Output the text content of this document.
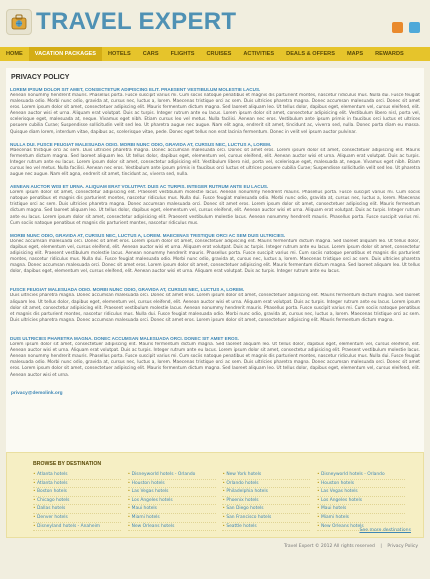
TRAVEL EXPERT
HOME	VACATION PACKAGES	HOTELS	CARS	FLIGHTS	CRUISES	ACTIVITIES	DEALS & OFFERS	MAPS	REWARDS
PRIVACY POLICY
LOREM IPSUM DOLOR SIT AMET, CONSECTETUR ADIPISCING ELIT. PRAESENT VESTIBULUM MOLESTIE LACUS.

Aenean nonummy hendrerit mauris. Phasellus porta. Fusce suscipit varius mi. Cum sociis natoque penatibus et magnis dis parturient montes, nascetur ridiculus mus. Nulla dui. Fusce feugiat malesuada odio. Morbi nunc odio, gravida at, cursus nec, luctus a, lorem. Maecenas tristique orci ac sem. Duis ultricies pharetra magna. Donec accumsan malesuada orci. Donec sit amet eros. Lorem ipsum dolor sit amet, consectetuer adipiscing elit. Mauris fermentum dictum magna. Sed laoreet aliquam leo. Ut tellus dolor, dapibus eget, elementum vel, cursus eleifend, elit. Aenean auctor wisi et urna. Aliquam erat volutpat. Duis ac turpis. Integer rutrum ante eu lacus. Lorem ipsum dolor sit amet, consectetur adipisicing elit. Vestibulum libero nisl, porta vel, scelerisque eget, malesuada at, neque. Vivamus eget nibh. Etiam cursus leo vel metus. Nulla facilisi. Aenean nec eros. Vestibulum ante ipsum primis in faucibus orci luctus et ultrices posuere cubilia Curae; Suspendisse sollicitudin velit sed leo. Ut pharetra augue nec augue. Nam elit agna, endrerit sit amet, tincidunt ac, viverra sed, nulla. Donec porta diam eu massa. Quisque diam lorem, interdum vitae, dapibus ac, scelerisque vitae, pede. Donec eget tellus non erat lacinia fermentum. Donec in velit vel ipsum auctor pulvinar.

NULLA DUI. FUSCE FEUGIAT MALESUADA ODIO. MORBI NUNC ODIO, GRAVIDA AT, CURSUS NEC, LUCTUS A, LOREM.

Maecenas tristique orci ac sem. Duis ultricies pharetra magna. Donec accumsan malesuada orci. Donec sit amet eros. Lorem ipsum dolor sit amet, consectetuer adipiscing elit. Mauris fermentum dictum magna. Sed laoreet aliquam leo. Ut tellus dolor, dapibus eget, elementum vel, cursus eleifend, elit. Aenean auctor wisi et urna. Aliquam erat volutpat. Duis ac turpis. Integer rutrum ante eu lacus. Lorem ipsum dolor sit amet, consectetur adipisicing elit. Vestibulum libero nisl, porta vel, scelerisque eget, malesuada at, neque. Vivamus eget nibh. Etiam cursus leo vel metus. Nulla facilisi. Aenean nec eros. Vestibulum ante ipsum primis in faucibus orci luctus et ultrices posuere cubilia Curae; Suspendisse sollicitudin velit sed leo. Ut pharetra augue nec augue. Nam elit agna, endrerit sit amet, tincidunt ac, viverra sed, nulla.

AENEAN AUCTOR WISI ET URNA. ALIQUAM ERAT VOLUTPAT. DUIS AC TURPIS. INTEGER RUTRUM ANTE EU LACUS.

Lorem ipsum dolor sit amet, consectetur adipisicing elit. Praesent vestibulum molestie lacus. Aenean nonummy hendrerit mauris. Phasellus porta. Fusce suscipit varius mi. Cum sociis natoque penatibus et magnis dis parturient montes, nascetur ridiculus mus. Nulla dui. Fusce feugiat malesuada odio. Morbi nunc odio, gravida at, cursus nec, luctus a, lorem. Maecenas tristique orci ac sem. Duis ultricies pharetra magna. Donec accumsan malesuada orci. Donec sit amet eros. Lorem ipsum dolor sit amet, consectetuer adipiscing elit. Mauris fermentum dictum magna. Sed laoreet aliquam leo. Ut tellus dolor, dapibus eget, elementum vel, cursus eleifend, elit. Aenean auctor wisi et urna. Aliquam erat volutpat. Duis ac turpis. Integer rutrum ante eu lacus. Lorem ipsum dolor sit amet, consectetur adipisicing elit. Praesent vestibulum molestie lacus. Aenean nonummy hendrerit mauris. Phasellus porta. Fusce suscipit varius mi. Cum sociis natoque penatibus et magnis dis parturient montes, nascetur ridiculus mus.

MORBI NUNC ODIO, GRAVIDA AT, CURSUS NEC, LUCTUS A, LOREM. MAECENAS TRISTIQUE ORCI AC SEM DUIS ULTRICIES.

Donec accumsan malesuada orci. Donec sit amet eros. Lorem ipsum dolor sit amet, consectetuer adipiscing elit. Mauris fermentum dictum magna. Sed laoreet aliquam leo. Ut tellus dolor, dapibus eget, elementum vel, cursus eleifend, elit. Aenean auctor wisi et urna. Aliquam erat volutpat. Duis ac turpis. Integer rutrum ante eu lacus. Lorem ipsum dolor sit amet, consectetur adipisicing elit. Praesent vestibulum molestie lacus. Aenean nonummy hendrerit mauris. Phasellus porta. Fusce suscipit varius mi. Cum sociis natoque penatibus et magnis dis parturient montes, nascetur ridiculus mus. Nulla dui. Fusce feugiat malesuada odio. Morbi nunc odio, gravida at, cursus nec, luctus a, lorem. Maecenas tristique orci ac sem. Duis ultricies pharetra magna. Donec accumsan malesuada orci. Donec sit amet eros. Lorem ipsum dolor sit amet, consectetuer adipiscing elit. Mauris fermentum dictum magna. Sed laoreet aliquam leo. Ut tellus dolor, dapibus eget, elementum vel, cursus eleifend, elit. Aenean auctor wisi et urna. Aliquam erat volutpat. Duis ac turpis. Integer rutrum ante eu lacus.

FUSCE FEUGIAT MALESUADA ODIO. MORBI NUNC ODIO, GRAVIDA AT, CURSUS NEC, LUCTUS A, LOREM.

Duis ultricies pharetra magna. Donec accumsan malesuada orci. Donec sit amet eros. Lorem ipsum dolor sit amet, consectetuer adipiscing elit. Mauris fermentum dictum magna. Sed laoreet aliquam leo. Ut tellus dolor, dapibus eget, elementum vel, cursus eleifend, elit. Aenean auctor wisi et urna. Aliquam erat volutpat. Duis ac turpis. Integer rutrum ante eu lacus. Lorem ipsum dolor sit amet, consectetur adipisicing elit. Praesent vestibulum molestie lacus. Aenean nonummy hendrerit mauris. Phasellus porta. Fusce suscipit varius mi. Cum sociis natoque penatibus et magnis dis parturient montes, nascetur ridiculus mus. Nulla dui. Fusce feugiat malesuada odio. Morbi nunc odio, gravida at, cursus nec, luctus a, lorem. Maecenas tristique orci ac sem. Duis ultricies pharetra magna. Donec accumsan malesuada orci. Donec sit amet eros. Lorem ipsum dolor sit amet, consectetuer adipiscing elit. Mauris fermentum dictum magna.

DUIS ULTRICIES PHARETRA MAGNA. DONEC ACCUMSAN MALESUADA ORCI. DONEC SIT AMET EROS.

Lorem ipsum dolor sit amet, consectetuer adipiscing elit. Mauris fermentum dictum magna. Sed laoreet aliquam leo. Ut tellus dolor, dapibus eget, elementum vel, cursus eleifend, elit. Aenean auctor wisi et urna. Aliquam erat volutpat. Duis ac turpis. Integer rutrum ante eu lacus. Lorem ipsum dolor sit amet, consectetur adipisicing elit. Praesent vestibulum molestie lacus. Aenean nonummy hendrerit mauris. Phasellus porta. Fusce suscipit varius mi. Cum sociis natoque penatibus et magnis dis parturient montes, nascetur ridiculus mus. Nulla dui. Fusce feugiat malesuada odio. Morbi nunc odio, gravida at, cursus nec, luctus a, lorem. Maecenas tristique orci ac sem. Duis ultricies pharetra magna. Donec accumsan malesuada orci. Donec sit amet eros. Lorem ipsum dolor sit amet, consectetuer adipiscing elit. Mauris fermentum dictum magna. Sed laoreet aliquam leo. Ut tellus dolor, dapibus eget, elementum vel, cursus eleifend, elit. Aenean auctor wisi et urna.

privacy@demolink.org
BROWSE BY DESTINATION
• Atlanta hotels
• Atlanta hotels
• Boston hotels
• Chicago hotels
• Dallas hotels
• Denver hotels
• Disneyland hotels - Anaheim
• Disneyworld hotels - Orlando
• Houston hotels
• Las Vegas hotels
• Los Angeles hotels
• Maui hotels
• Miami hotels
• New Orleans hotels
• New York hotels
• Orlando hotels
• Philadelphia hotels
• Phoenix hotels
• San Diego hotels
• San Francisco hotels
• Seattle hotels
• Disneyworld hotels - Orlando
• Houston hotels
• Las Vegas hotels
• Los Angeles hotels
• Maui hotels
• Miami hotels
• New Orleans hotels
See more destinations
Travel Expert © 2012 All rights reserved | Privacy Policy
